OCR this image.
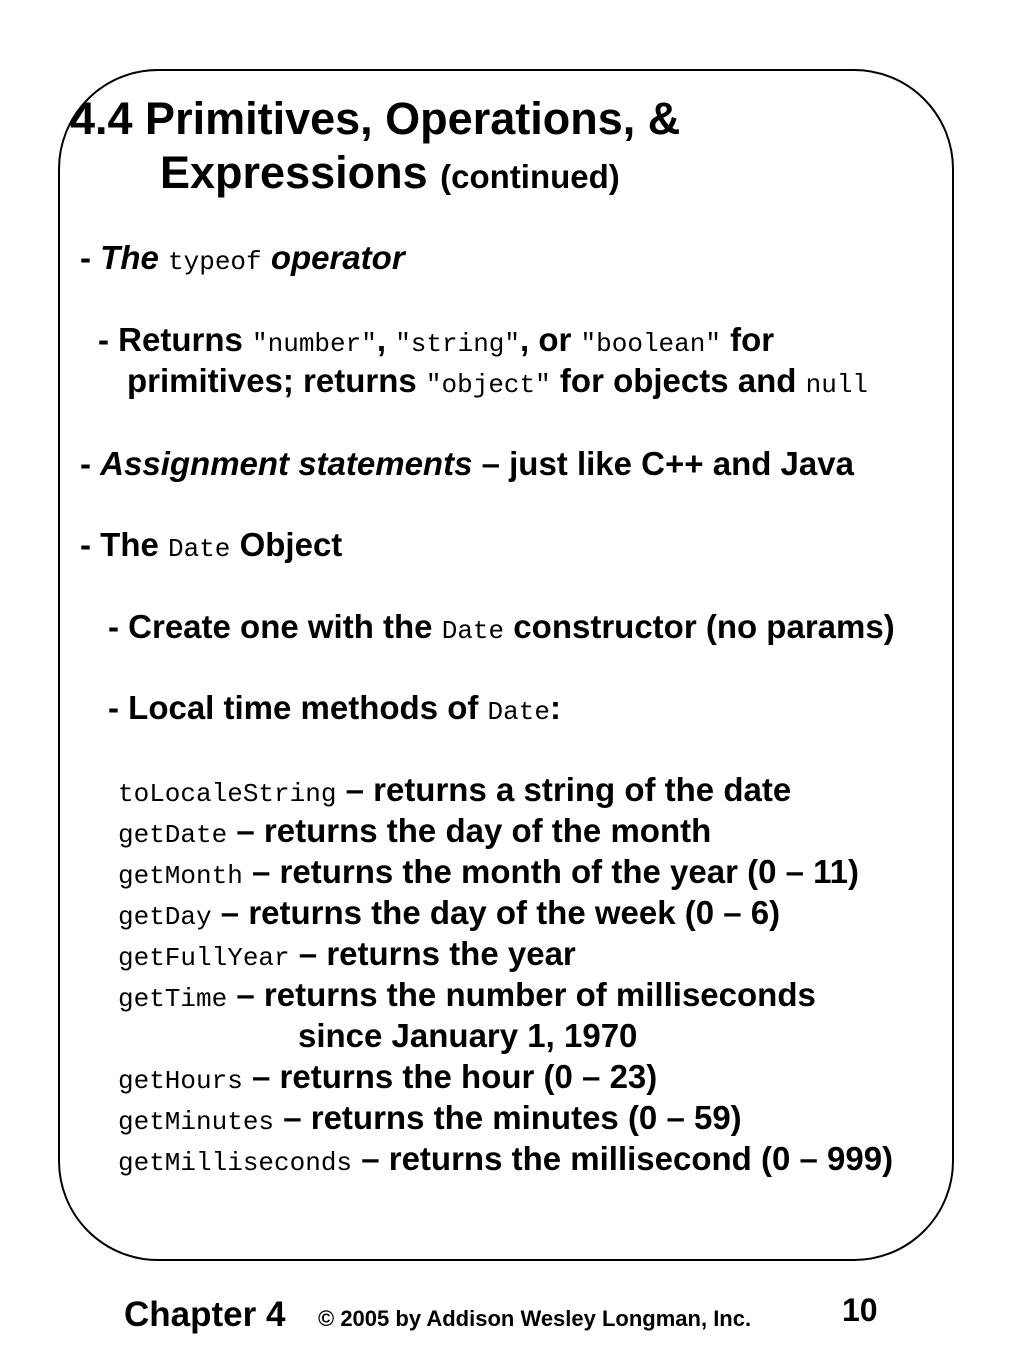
4.4 Primitives, Operations, &
Expressions (continued)
- The typeof operator
- Returns "number", "string", or "boolean" for
primitives; returns "object" for objects and null
- Assignment statements – just like C++ and Java
- The Date Object
- Create one with the Date constructor (no params)
- Local time methods of Date:
toLocaleString – returns a string of the date
getDate – returns the day of the month
getMonth – returns the month of the year (0 – 11)
getDay – returns the day of the week (0 – 6)
getFullYear – returns the year
getTime – returns the number of milliseconds
since January 1, 1970
getHours – returns the hour (0 – 23)
getMinutes – returns the minutes (0 – 59)
getMilliseconds – returns the millisecond (0 – 999)
Chapter 4 © 2005 by Addison Wesley Longman, Inc.	10
